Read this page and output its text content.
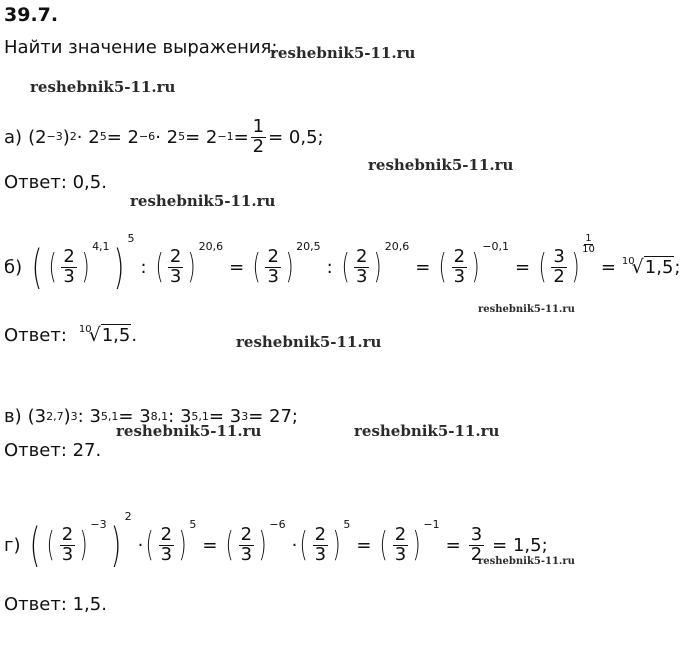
39.7.
Найти значение выражения:
reshebnik5-11.ru
reshebnik5-11.ru
reshebnik5-11.ru
reshebnik5-11.ru
reshebnik5-11.ru
reshebnik5-11.ru
reshebnik5-11.ru	reshebnik5-11.ru
reshebnik5-11.ru
а) (2 −3 ) 2 · 2 5 = 2 −6 · 2 $5 = 2 -1 = \frac{1}{2} = 0,5$;
Ответ: 0,5.
б) ( ( $\frac{2}{3}$ )
4,1 )
5
: ( $\frac{2}{3}$ )
20,6
= ( $\frac{2}{3}$ )
20,5
: ( $\frac{2}{3}$ )
20,6
= ( $\frac{2}{3}$ )
−0,1
= ( $\frac{3}{2}$ )
1
10
= 10
√ 1,5 ;
Ответ: 10
√ 1,5 .
в) (3 2,7 ) 3 : 3 5,1 = 3 8,1 : 3 5,1 = 3 3 = 27;
Ответ: 27.
г) ( ( $\frac{2}{3}$ )
−3 )
2
· ( $\frac{2}{3}$ )
5
= ( $\frac{2}{3}$ )
−6
· ( $\frac{2}{3}$ )
5
= ( $\frac{2}{3}$ )
−1
= $\frac{3}{2} = 1,5$;
Ответ: 1,5.
